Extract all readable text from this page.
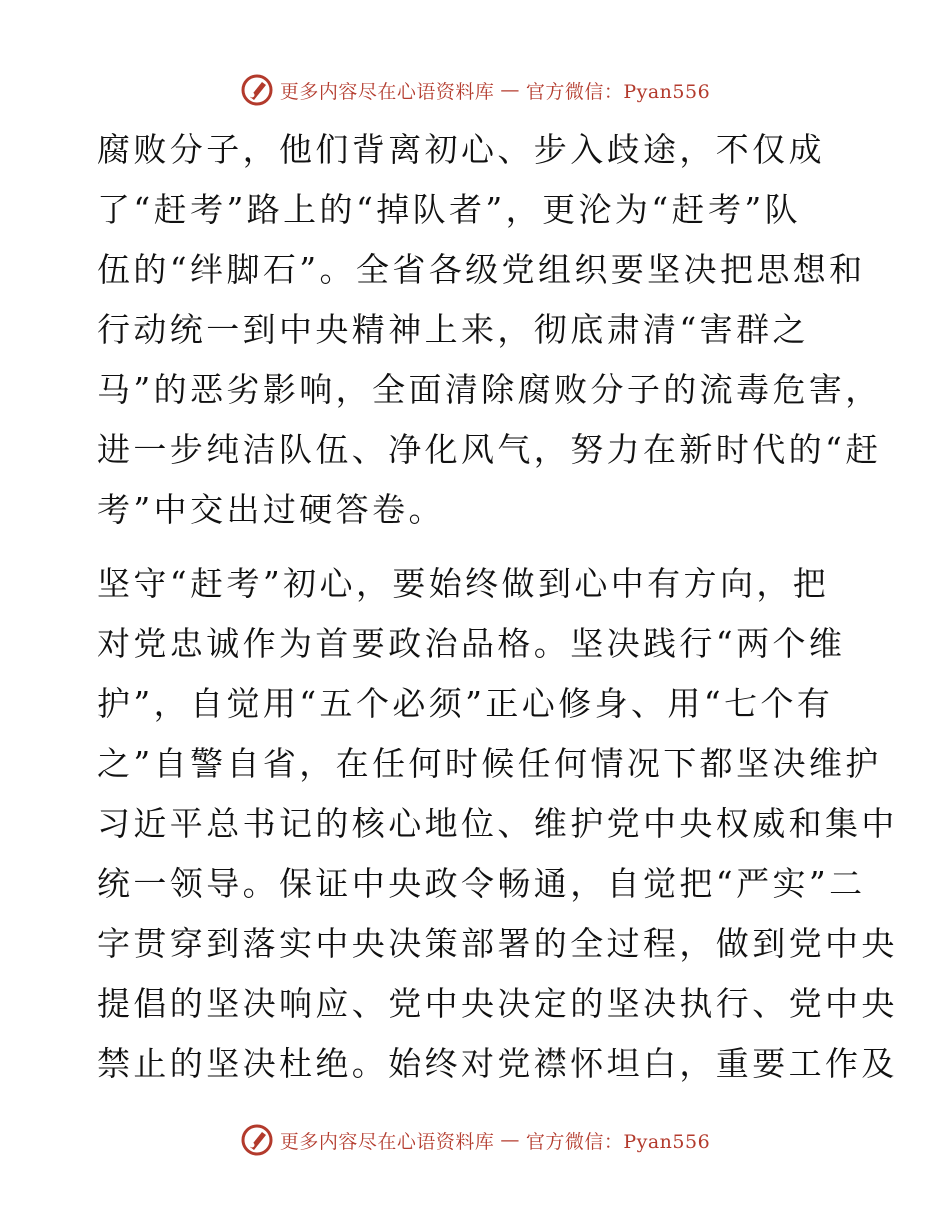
更多内容尽在心语资料库 — 官方微信：Pyan556
腐败分子，他们背离初心、步入歧途，不仅成
了“赶考”路上的“掉队者”，更沦为“赶考”队
伍的“绊脚石”。全省各级党组织要坚决把思想和
行动统一到中央精神上来，彻底肃清“害群之
马”的恶劣影响，全面清除腐败分子的流毒危害，
进一步纯洁队伍、净化风气，努力在新时代的“赶
考”中交出过硬答卷。
坚守“赶考”初心，要始终做到心中有方向，把
对党忠诚作为首要政治品格。坚决践行“两个维
护”，自觉用“五个必须”正心修身、用“七个有
之”自警自省，在任何时候任何情况下都坚决维护
习近平总书记的核心地位、维护党中央权威和集中
统一领导。保证中央政令畅通，自觉把“严实”二
字贯穿到落实中央决策部署的全过程，做到党中央
提倡的坚决响应、党中央决定的坚决执行、党中央
禁止的坚决杜绝。始终对党襟怀坦白，重要工作及
更多内容尽在心语资料库 — 官方微信：Pyan556
